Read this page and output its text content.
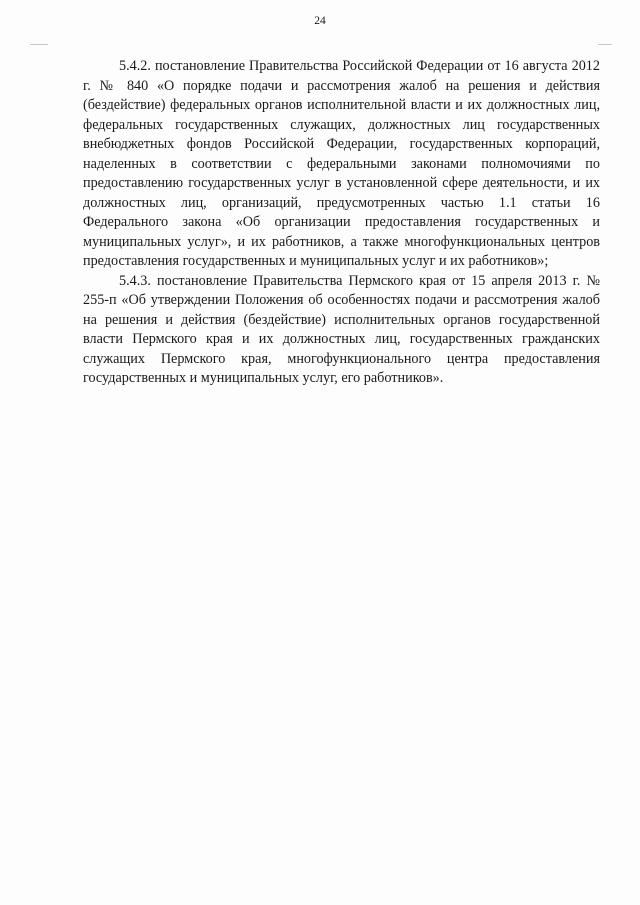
24

5.4.2. постановление Правительства Российской Федерации от 16 августа 2012 г. № 840 «О порядке подачи и рассмотрения жалоб на решения и действия (бездействие) федеральных органов исполнительной власти и их должностных лиц, федеральных государственных служащих, должностных лиц государственных внебюджетных фондов Российской Федерации, государственных корпораций, наделенных в соответствии с федеральными законами полномочиями по предоставлению государственных услуг в установленной сфере деятельности, и их должностных лиц, организаций, предусмотренных частью 1.1 статьи 16 Федерального закона «Об организации предоставления государственных и муниципальных услуг», и их работников, а также многофункциональных центров предоставления государственных и муниципальных услуг и их работников»;

5.4.3. постановление Правительства Пермского края от 15 апреля 2013 г. № 255-п «Об утверждении Положения об особенностях подачи и рассмотрения жалоб на решения и действия (бездействие) исполнительных органов государственной власти Пермского края и их должностных лиц, государственных гражданских служащих Пермского края, многофункционального центра предоставления государственных и муниципальных услуг, его работников».
